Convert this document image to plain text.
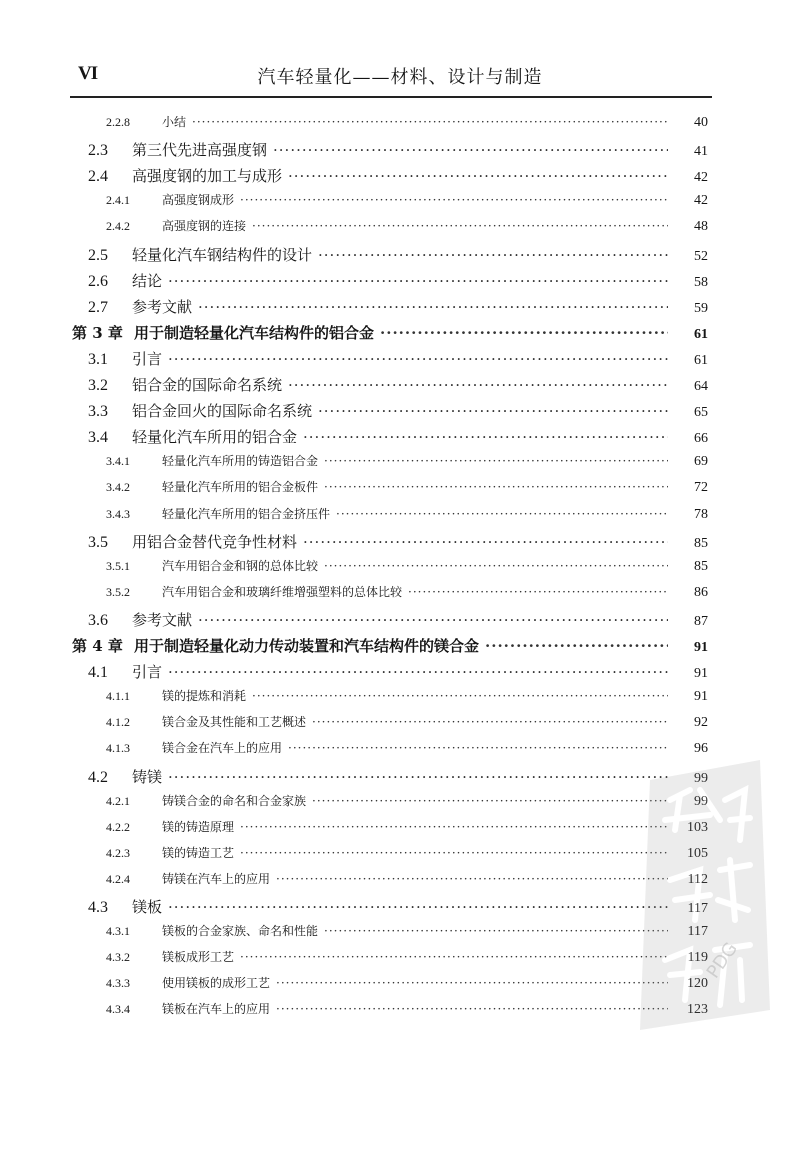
VI	汽车轻量化——材料、设计与制造
2.2.8	小结 ·····	40
2.3	第三代先进高强度钢 ·····	41
2.4	高强度钢的加工与成形 ·····	42
2.4.1	高强度钢成形 ·····	42
2.4.2	高强度钢的连接 ·····	48
2.5	轻量化汽车钢结构件的设计 ·····	52
2.6	结论 ·····	58
2.7	参考文献 ·····	59
第 3 章 用于制造轻量化汽车结构件的铝合金 ·····	61
3.1	引言 ·····	61
3.2	铝合金的国际命名系统 ·····	64
3.3	铝合金回火的国际命名系统 ·····	65
3.4	轻量化汽车所用的铝合金 ·····	66
3.4.1	轻量化汽车所用的铸造铝合金 ·····	69
3.4.2	轻量化汽车所用的铝合金板件 ·····	72
3.4.3	轻量化汽车所用的铝合金挤压件 ·····	78
3.5	用铝合金替代竞争性材料 ·····	85
3.5.1	汽车用铝合金和钢的总体比较 ·····	85
3.5.2	汽车用铝合金和玻璃纤维增强塑料的总体比较 ·····	86
3.6	参考文献 ·····	87
第 4 章 用于制造轻量化动力传动装置和汽车结构件的镁合金 ·····	91
4.1	引言 ·····	91
4.1.1	镁的提炼和消耗 ·····	91
4.1.2	镁合金及其性能和工艺概述 ·····	92
4.1.3	镁合金在汽车上的应用 ·····	96
4.2	铸镁 ·····	99
4.2.1	铸镁合金的命名和合金家族 ·····	99
4.2.2	镁的铸造原理 ·····	103
4.2.3	镁的铸造工艺 ·····	105
4.2.4	铸镁在汽车上的应用 ·····	112
4.3	镁板 ·····	117
4.3.1	镁板的合金家族、命名和性能 ·····	117
4.3.2	镁板成形工艺 ·····	119
4.3.3	使用镁板的成形工艺 ·····	120
4.3.4	镁板在汽车上的应用 ·····	123
PDG
